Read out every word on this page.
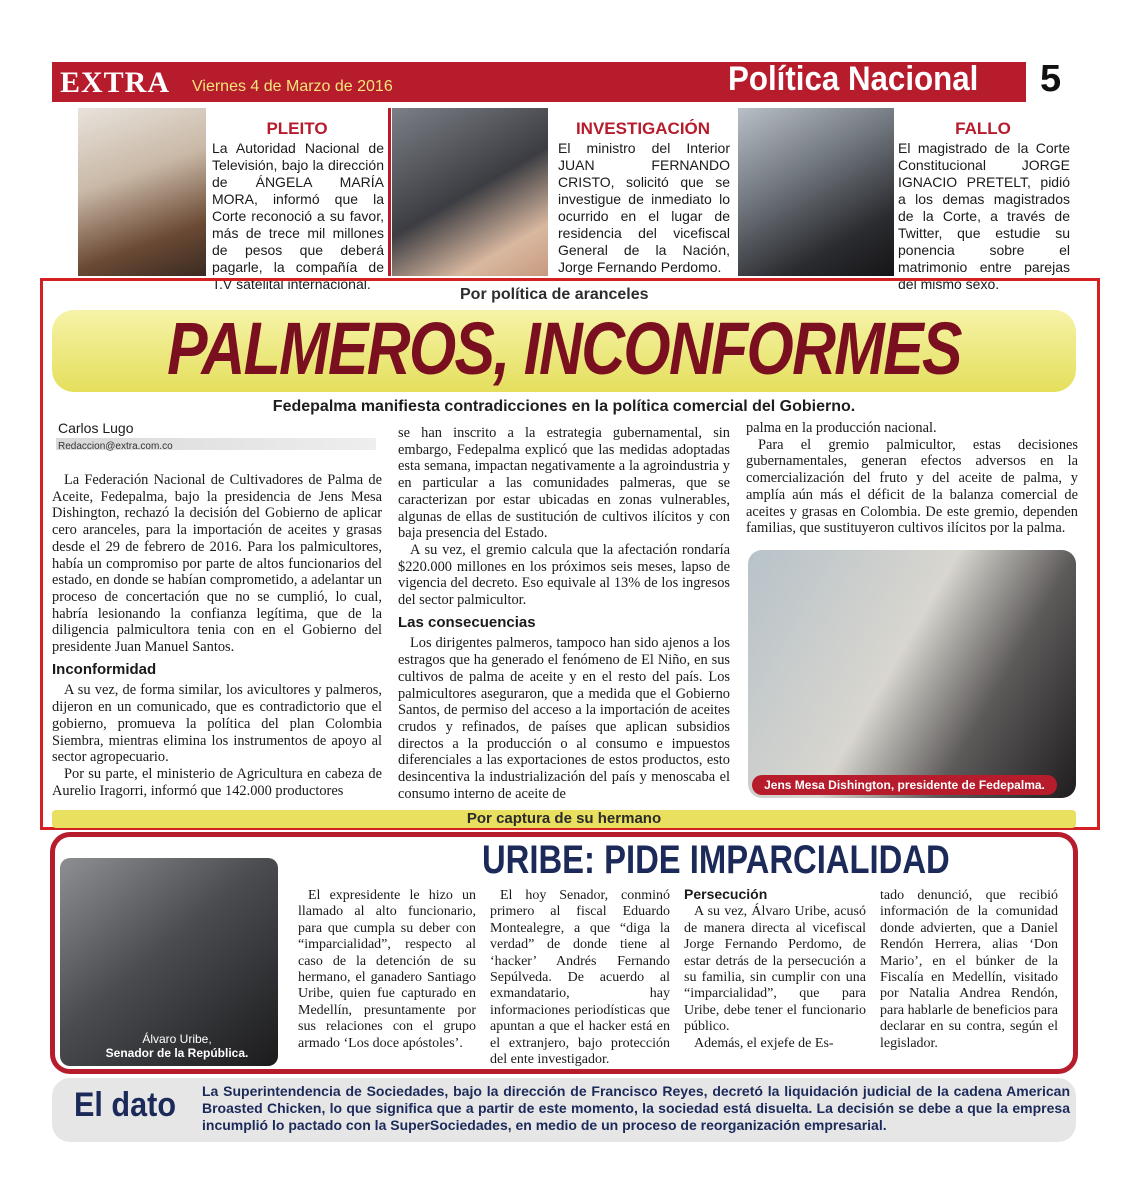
EXTRA Viernes 4 de Marzo de 2016	Política Nacional 5
PLEITO
La Autoridad Nacional de Televisión, bajo la dirección de ÁNGELA MARÍA MORA, informó que la Corte reconoció a su favor, más de trece mil millones de pesos que deberá pagarle, la compañía de T.V satelital internacional.
INVESTIGACIÓN
El ministro del Interior JUAN FERNANDO CRISTO, solicitó que se investigue de inmediato lo ocurrido en el lugar de residencia del vicefiscal General de la Nación, Jorge Fernando Perdomo.
FALLO
El magistrado de la Corte Constitucional JORGE IGNACIO PRETELT, pidió a los demas magistrados de la Corte, a través de Twitter, que estudie su ponencia sobre el matrimonio entre parejas del mismo sexo.
Por política de aranceles
PALMEROS, INCONFORMES
Fedepalma manifiesta contradicciones en la política comercial del Gobierno.
Carlos Lugo
Redaccion@extra.com.co

La Federación Nacional de Cultivadores de Palma de Aceite, Fedepalma, bajo la presidencia de Jens Mesa Dishington, rechazó la decisión del Gobierno de aplicar cero aranceles, para la importación de aceites y grasas desde el 29 de febrero de 2016. Para los palmicultores, había un compromiso por parte de altos funcionarios del estado, en donde se habían comprometido, a adelantar un proceso de concertación que no se cumplió, lo cual, habría lesionando la confianza legítima, que de la diligencia palmicultora tenia con en el Gobierno del presidente Juan Manuel Santos.

Inconformidad

A su vez, de forma similar, los avicultores y palmeros, dijeron en un comunicado, que es contradictorio que el gobierno, promueva la política del plan Colombia Siembra, mientras elimina los instrumentos de apoyo al sector agropecuario.

Por su parte, el ministerio de Agricultura en cabeza de Aurelio Iragorri, informó que 142.000 productores

se han inscrito a la estrategia gubernamental, sin embargo, Fedepalma explicó que las medidas adoptadas esta semana, impactan negativamente a la agroindustria y en particular a las comunidades palmeras, que se caracterizan por estar ubicadas en zonas vulnerables, algunas de ellas de sustitución de cultivos ilícitos y con baja presencia del Estado.

A su vez, el gremio calcula que la afectación rondaría $220.000 millones en los próximos seis meses, lapso de vigencia del decreto. Eso equivale al 13% de los ingresos del sector palmicultor.

Las consecuencias

Los dirigentes palmeros, tampoco han sido ajenos a los estragos que ha generado el fenómeno de El Niño, en sus cultivos de palma de aceite y en el resto del país. Los palmicultores aseguraron, que a medida que el Gobierno Santos, de permiso del acceso a la importación de aceites crudos y refinados, de países que aplican subsidios directos a la producción o al consumo e impuestos diferenciales a las exportaciones de estos productos, esto desincentiva la industrialización del país y menoscaba el consumo interno de aceite de

palma en la producción nacional.

Para el gremio palmicultor, estas decisiones gubernamentales, generan efectos adversos en la comercialización del fruto y del aceite de palma, y amplía aún más el déficit de la balanza comercial de aceites y grasas en Colombia. De este gremio, dependen familias, que sustituyeron cultivos ilícitos por la palma.

Jens Mesa Dishington, presidente de Fedepalma.
Por captura de su hermano
Álvaro Uribe,
Senador de la República.
URIBE: PIDE IMPARCIALIDAD

El expresidente le hizo un llamado al alto funcionario, para que cumpla su deber con “imparcialidad”, respecto al caso de la detención de su hermano, el ganadero Santiago Uribe, quien fue capturado en Medellín, presuntamente por sus relaciones con el grupo armado ‘Los doce apóstoles’.

El hoy Senador, conminó primero al fiscal Eduardo Montealegre, a que “diga la verdad” de donde tiene al ‘hacker’ Andrés Fernando Sepúlveda. De acuerdo al exmandatario, hay informaciones periodísticas que apuntan a que el hacker está en el extranjero, bajo protección del ente investigador.

Persecución

A su vez, Álvaro Uribe, acusó de manera directa al vicefiscal Jorge Fernando Perdomo, de estar detrás de la persecución a su familia, sin cumplir con una “imparcialidad”, que para Uribe, debe tener el funcionario público.

Además, el exjefe de Es-

tado denunció, que recibió información de la comunidad donde advierten, que a Daniel Rendón Herrera, alias ‘Don Mario’, en el búnker de la Fiscalía en Medellín, visitado por Natalia Andrea Rendón, para hablarle de beneficios para declarar en su contra, según el legislador.

El dato La Superintendencia de Sociedades, bajo la dirección de Francisco Reyes, decretó la liquidación judicial de la cadena American Broasted Chicken, lo que significa que a partir de este momento, la sociedad está disuelta. La decisión se debe a que la empresa incumplió lo pactado con la SuperSociedades, en medio de un proceso de reorganización empresarial.
